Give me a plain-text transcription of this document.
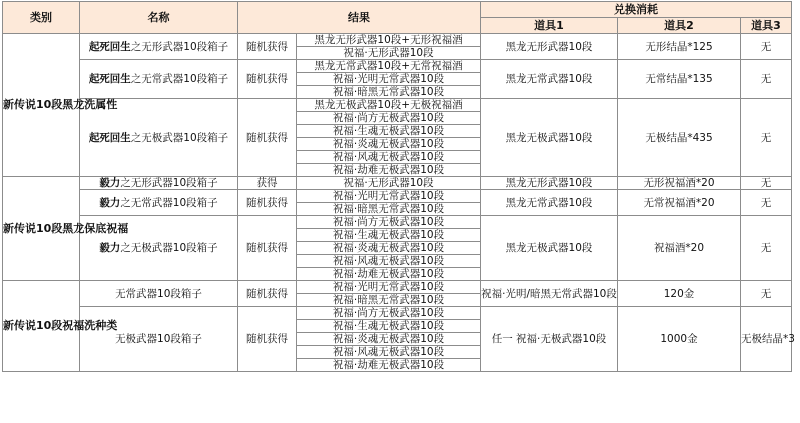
类别	名称	结果		兑换消耗		
				道具1	道具2	道具3
新传说10段黑龙洗属性	起死回生之无形武器10段箱子	随机获得	黑龙无形武器10段+无形祝福酒	黑龙无形武器10段	无形结晶*125	无
			祝福·无形武器10段			
	起死回生之无常武器10段箱子	随机获得	黑龙无常武器10段+无常祝福酒	黑龙无常武器10段	无常结晶*135	无
			祝福·光明无常武器10段			
			祝福·暗黑无常武器10段			
	起死回生之无极武器10段箱子	随机获得	黑龙无极武器10段+无极祝福酒	黑龙无极武器10段	无极结晶*435	无
			祝福·尚方无极武器10段			
			祝福·生魂无极武器10段			
			祝福·炎魂无极武器10段			
			祝福·风魂无极武器10段			
			祝福·劫难无极武器10段			
新传说10段黑龙保底祝福	毅力之无形武器10段箱子	获得	祝福·无形武器10段	黑龙无形武器10段	无形祝福酒*20	无
	毅力之无常武器10段箱子	随机获得	祝福·光明无常武器10段	黑龙无常武器10段	无常祝福酒*20	无
			祝福·暗黑无常武器10段			
	毅力之无极武器10段箱子	随机获得	祝福·尚方无极武器10段	黑龙无极武器10段	祝福酒*20	无
			祝福·生魂无极武器10段			
			祝福·炎魂无极武器10段			
			祝福·风魂无极武器10段			
			祝福·劫难无极武器10段			
新传说10段祝福洗种类	无常武器10段箱子	随机获得	祝福·光明无常武器10段	祝福·光明/暗黑无常武器10段	120金	无
			祝福·暗黑无常武器10段			
	无极武器10段箱子	随机获得	祝福·尚方无极武器10段	任一 祝福·无极武器10段	1000金	无极结晶*3
			祝福·生魂无极武器10段			
			祝福·炎魂无极武器10段			
			祝福·风魂无极武器10段			
			祝福·劫难无极武器10段			
